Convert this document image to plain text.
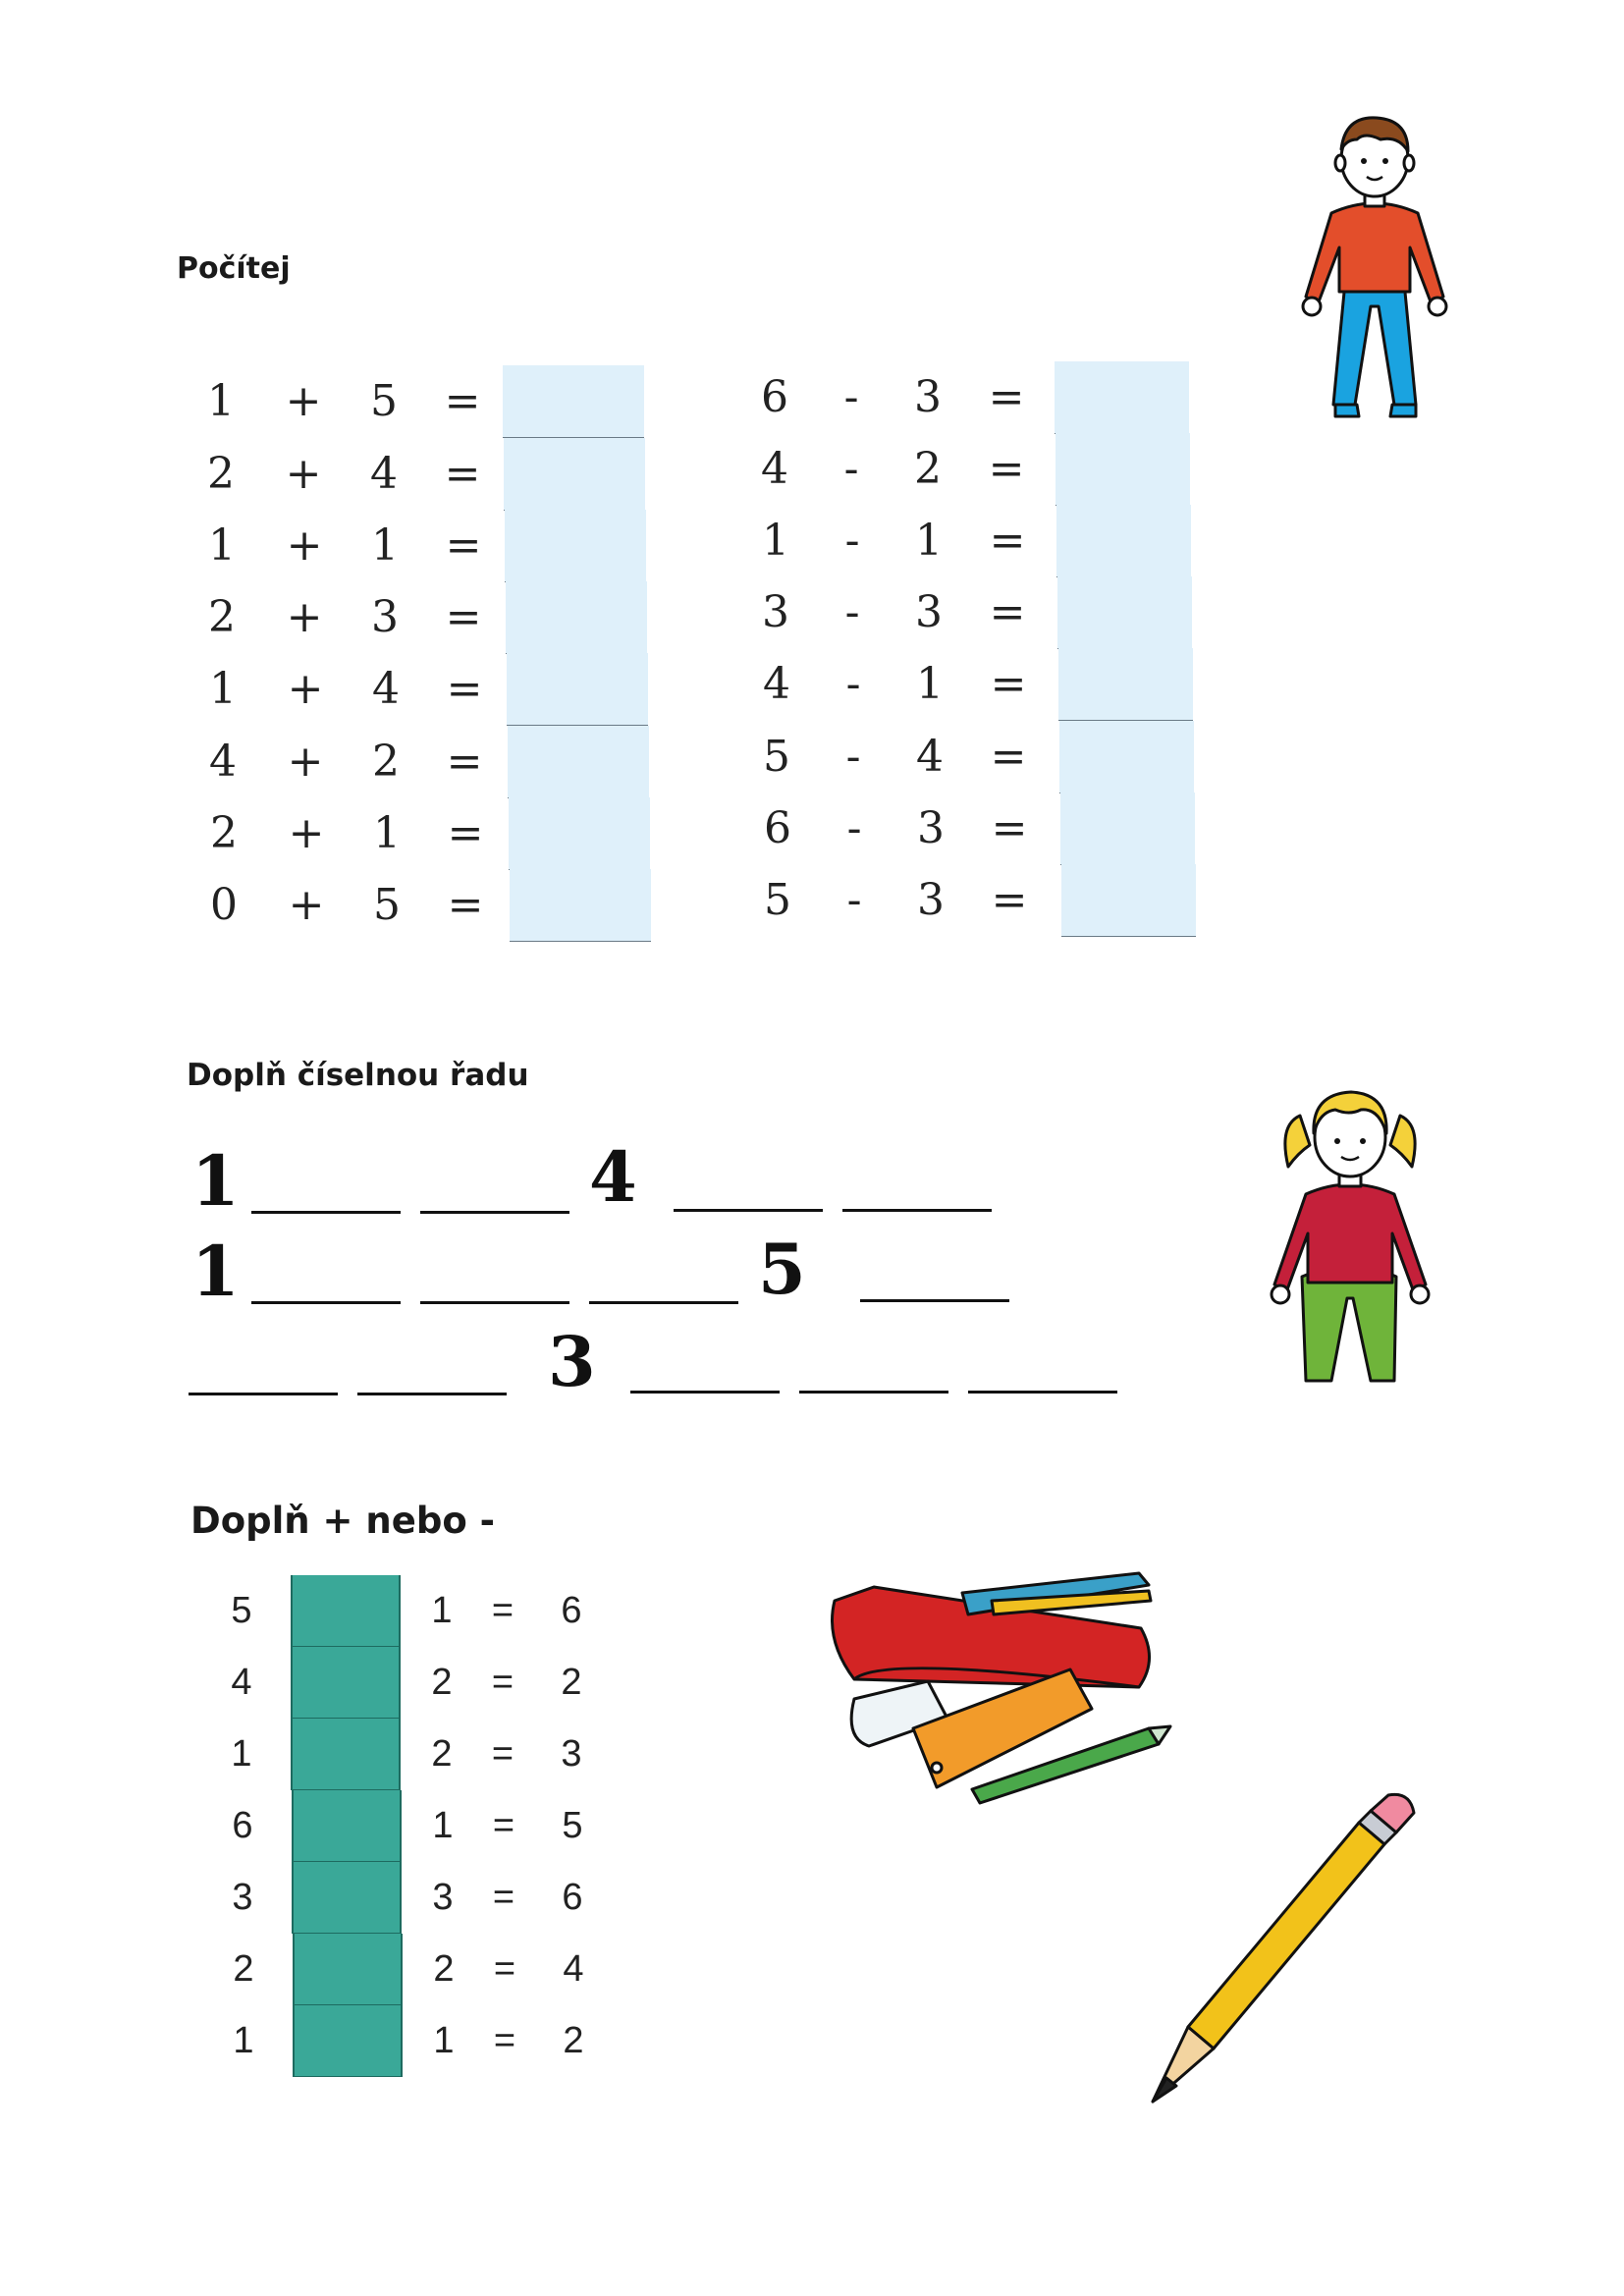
Počítej
Doplň číselnou řadu
Doplň + nebo -
1 + 5 =
2 + 4 =
1 + 1 =
2 + 3 =
1 + 4 =
4 + 2 =
2 + 1 =
0 + 5 =
6	-	3 =
4	-	2 =
1	-	1 =
3	-	3 =
4	-	1 =
5	-	4 =
6	-	3 =
5	-	3 =
1	4
1	5
3
5	1 = 6
4	2 = 2
1	2 = 3
6	1 = 5
3	3 = 6
2	2 = 4
1	1 = 2
